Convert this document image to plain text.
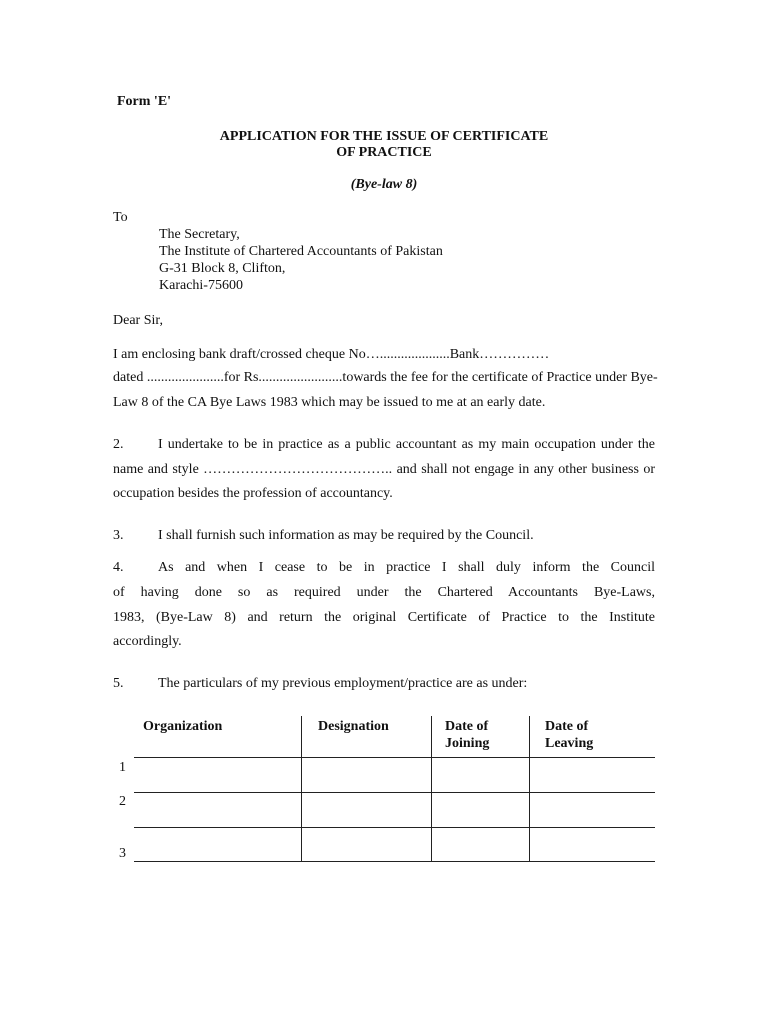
Form 'E'
APPLICATION FOR THE ISSUE OF CERTIFICATE
OF PRACTICE
(Bye-law 8)
To
The Secretary,
The Institute of Chartered Accountants of Pakistan
G-31 Block 8, Clifton,
Karachi-75600
Dear Sir,
I am enclosing bank draft/crossed cheque No…....................Bank……………
dated ......................for Rs........................towards the fee for the certificate of Practice under Bye-
Law 8 of the CA Bye Laws 1983 which may be issued to me at an early date.
2. I undertake to be in practice as a public accountant as my main occupation under the
name and style ………………………………….. and shall not engage in any other business or
occupation besides the profession of accountancy.
3. I shall furnish such information as may be required by the Council.
4. As and when I cease to be in practice I shall duly inform the Council
of having done so as required under the Chartered Accountants Bye-Laws,
1983, (Bye-Law 8) and return the original Certificate of Practice to the Institute
accordingly.
5. The particulars of my previous employment/practice are as under:
Organization	Designation	Date of
Joining
Date of
Leaving
1
2
3
